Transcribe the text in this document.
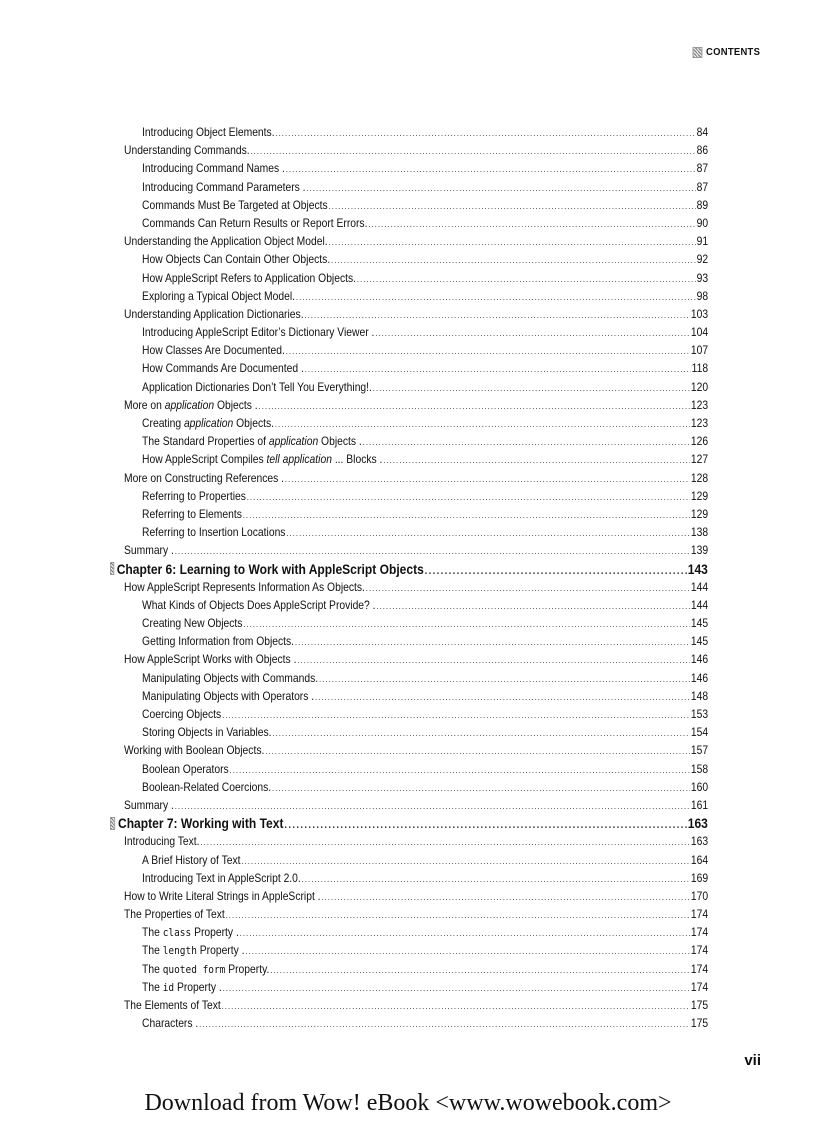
CONTENTS
Introducing Object Elements. .....	84
Understanding Commands. .....	86
Introducing Command Names . .....	87
Introducing Command Parameters . .....	87
Commands Must Be Targeted at Objects .....	89
Commands Can Return Results or Report Errors. .....	90
Understanding the Application Object Model. .....	91
How Objects Can Contain Other Objects. .....	92
How AppleScript Refers to Application Objects. .....	93
Exploring a Typical Object Model. .....	98
Understanding Application Dictionaries. .....	103
Introducing AppleScript Editor’s Dictionary Viewer . .....	104
How Classes Are Documented. .....	107
How Commands Are Documented . .....	118
Application Dictionaries Don’t Tell You Everything!. .....	120
More on application Objects . .....	123
Creating application Objects. .....	123
The Standard Properties of application Objects . .....	126
How AppleScript Compiles tell application ... Blocks . .....	127
More on Constructing References . .....	128
Referring to Properties .....	129
Referring to Elements .....	129
Referring to Insertion Locations .....	138
Summary . .....	139
Chapter 6: Learning to Work with AppleScript Objects .....	143
How AppleScript Represents Information As Objects. .....	144
What Kinds of Objects Does AppleScript Provide? . .....	144
Creating New Objects .....	145
Getting Information from Objects. .....	145
How AppleScript Works with Objects . .....	146
Manipulating Objects with Commands. .....	146
Manipulating Objects with Operators . .....	148
Coercing Objects .....	153
Storing Objects in Variables. .....	154
Working with Boolean Objects. .....	157
Boolean Operators .....	158
Boolean-Related Coercions. .....	160
Summary . .....	161
Chapter 7: Working with Text .....	163
Introducing Text. .....	163
A Brief History of Text .....	164
Introducing Text in AppleScript 2.0. .....	169
How to Write Literal Strings in AppleScript . .....	170
The Properties of Text .....	174
The class Property . .....	174
The length Property . .....	174
The quoted form Property. .....	174
The id Property . .....	174
The Elements of Text .....	175
Characters . .....	175
vii
Download from Wow! eBook <www.wowebook.com>
